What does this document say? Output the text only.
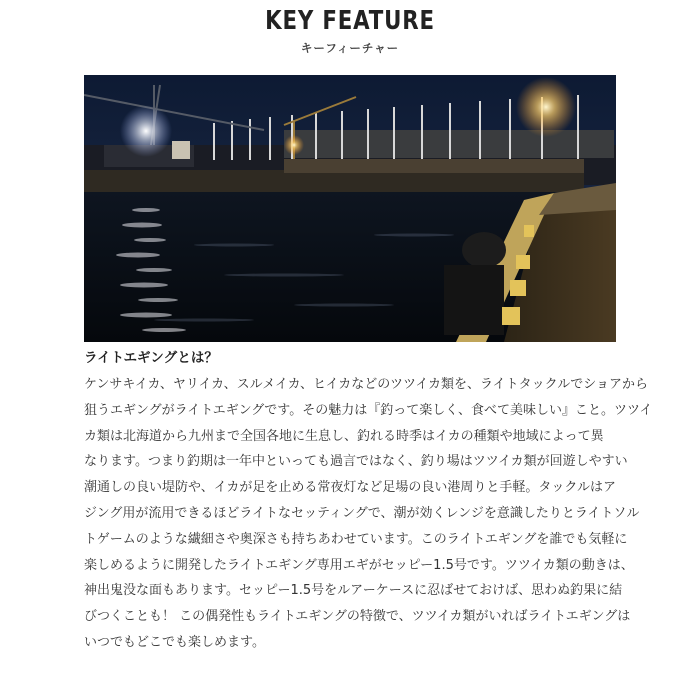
KEY FEATURE
キーフィーチャー

ライトエギングとは？

ケンサキイカ、ヤリイカ、スルメイカ、ヒイカなどのツツイカ類を、ライトタックルでショアから
狙うエギングがライトエギングです。その魅力は『釣って楽しく、食べて美味しい』こと。ツツイ
カ類は北海道から九州まで全国各地に生息し、釣れる時季はイカの種類や地域によって異
なります。つまり釣期は一年中といっても過言ではなく、釣り場はツツイカ類が回遊しやすい
潮通しの良い堤防や、イカが足を止める常夜灯など足場の良い港周りと手軽。タックルはア
ジング用が流用できるほどライトなセッティングで、潮が効くレンジを意識したりとライトソル
トゲームのような繊細さや奥深さも持ちあわせています。このライトエギングを誰でも気軽に
楽しめるように開発したライトエギング専用エギがセッピー1.5号です。ツツイカ類の動きは、
神出鬼没な面もあります。セッピー1.5号をルアーケースに忍ばせておけば、思わぬ釣果に結
びつくことも！ この偶発性もライトエギングの特徴で、ツツイカ類がいればライトエギングは
いつでもどこでも楽しめます。
